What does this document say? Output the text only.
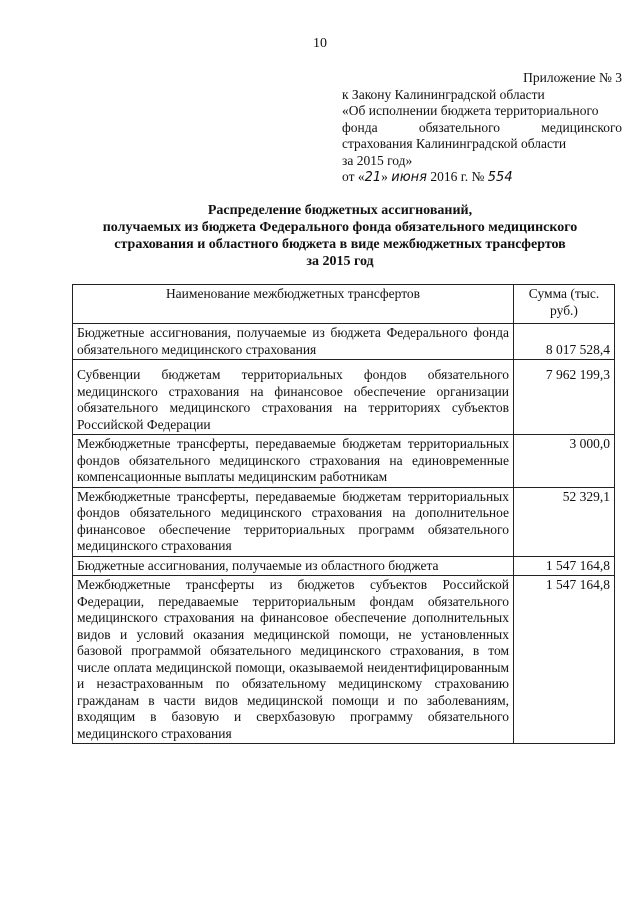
10
Приложение № 3
к Закону Калининградской области
«Об исполнении бюджета территориального
фонда обязательного медицинского
страхования Калининградской области
за 2015 год»
от «21» июня 2016 г. № 554
Распределение бюджетных ассигнований,
получаемых из бюджета Федерального фонда обязательного медицинского
страхования и областного бюджета в виде межбюджетных трансфертов
за 2015 год
Наименование межбюджетных трансфертов	Сумма (тыс. руб.)
Бюджетные ассигнования, получаемые из бюджета Федерального фонда обязательного медицинского страхования	8 017 528,4
Субвенции бюджетам территориальных фондов обязательного медицинского страхования на финансовое обеспечение организации обязательного медицинского страхования на территориях субъектов Российской Федерации	7 962 199,3
Межбюджетные трансферты, передаваемые бюджетам территориальных фондов обязательного медицинского страхования на единовременные компенсационные выплаты медицинским работникам	3 000,0
Межбюджетные трансферты, передаваемые бюджетам территориальных фондов обязательного медицинского страхования на дополнительное финансовое обеспечение территориальных программ обязательного медицинского страхования	52 329,1
Бюджетные ассигнования, получаемые из областного бюджета	1 547 164,8
Межбюджетные трансферты из бюджетов субъектов Российской Федерации, передаваемые территориальным фондам обязательного медицинского страхования на финансовое обеспечение дополнительных видов и условий оказания медицинской помощи, не установленных базовой программой обязательного медицинского страхования, в том числе оплата медицинской помощи, оказываемой неидентифицированным и незастрахованным по обязательному медицинскому страхованию гражданам в части видов медицинской помощи и по заболеваниям, входящим в базовую и сверхбазовую программу обязательного медицинского страхования	1 547 164,8
